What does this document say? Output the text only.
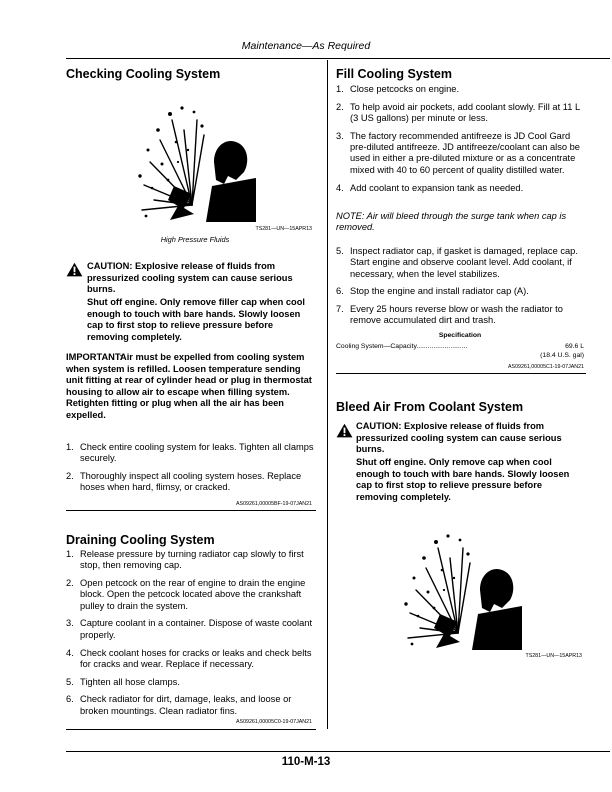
Maintenance—As Required
Checking Cooling System
TS281—UN—15APR13
High Pressure Fluids
CAUTION: Explosive release of fluids from pressurized cooling system can cause serious burns.
Shut off engine. Only remove filler cap when cool enough to touch with bare hands. Slowly loosen cap to first stop to relieve pressure before removing completely.
IMPORTANT:
Air must be expelled from cooling system when system is refilled. Loosen temperature sending unit fitting at rear of cylinder head or plug in thermostat housing to allow air to escape when filling system. Retighten fitting or plug when all the air has been expelled.
1. Check entire cooling system for leaks. Tighten all clamps securely.
2. Thoroughly inspect all cooling system hoses. Replace hoses when hard, flimsy, or cracked.
AS09261,00005BF-19-07JAN21
Draining Cooling System
1. Release pressure by turning radiator cap slowly to first stop, then removing cap.
2. Open petcock on the rear of engine to drain the engine block. Open the petcock located above the crankshaft pulley to drain the system.
3. Capture coolant in a container. Dispose of waste coolant properly.
4. Check coolant hoses for cracks or leaks and check belts for cracks and wear. Replace if necessary.
5. Tighten all hose clamps.
6. Check radiator for dirt, damage, leaks, and loose or broken mountings. Clean radiator fins.
AS09261,00005C0-19-07JAN21
Fill Cooling System
1. Close petcocks on engine.
2. To help avoid air pockets, add coolant slowly. Fill at 11 L (3 US gallons) per minute or less.
3. The factory recommended antifreeze is JD Cool Gard pre-diluted antifreeze. JD antifreeze/coolant can also be used in either a pre-diluted mixture or as a concentrate mixed with 40 to 60 percent of quality distilled water.
4. Add coolant to expansion tank as needed.
NOTE: Air will bleed through the surge tank when cap is removed.
5. Inspect radiator cap, if gasket is damaged, replace cap. Start engine and observe coolant level. Add coolant, if necessary, when the level stabilizes.
6. Stop the engine and install radiator cap (A).
7. Every 25 hours reverse blow or wash the radiator to remove accumulated dirt and trash.
Specification
Cooling System—Capacity...........................	69.6 L
(18.4 U.S. gal)
AS09261,00005C1-19-07JAN21
Bleed Air From Coolant System
CAUTION: Explosive release of fluids from pressurized cooling system can cause serious burns.
Shut off engine. Only remove cap when cool enough to touch with bare hands. Slowly loosen cap to first stop to relieve pressure before removing completely.
TS281—UN—15APR13
110-M-13
